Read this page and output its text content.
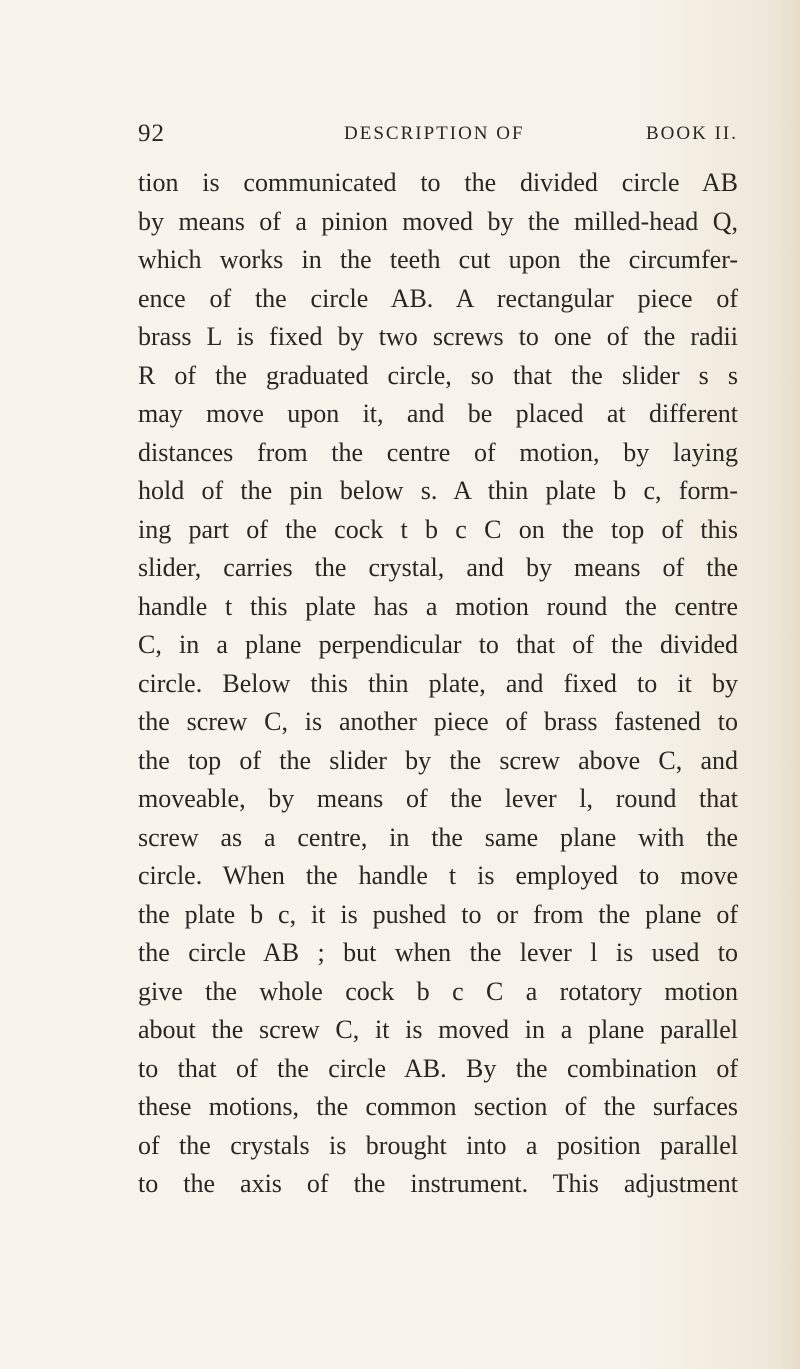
92	DESCRIPTION OF	BOOK II.
tion is communicated to the divided circle AB
by means of a pinion moved by the milled-head Q,
which works in the teeth cut upon the circumfer-
ence of the circle AB. A rectangular piece of
brass L is fixed by two screws to one of the radii
R of the graduated circle, so that the slider s s
may move upon it, and be placed at different
distances from the centre of motion, by laying
hold of the pin below s. A thin plate b c, form-
ing part of the cock t b c C on the top of this
slider, carries the crystal, and by means of the
handle t this plate has a motion round the centre
C, in a plane perpendicular to that of the divided
circle. Below this thin plate, and fixed to it by
the screw C, is another piece of brass fastened to
the top of the slider by the screw above C, and
moveable, by means of the lever l, round that
screw as a centre, in the same plane with the
circle. When the handle t is employed to move
the plate b c, it is pushed to or from the plane of
the circle AB ; but when the lever l is used to
give the whole cock b c C a rotatory motion
about the screw C, it is moved in a plane parallel
to that of the circle AB. By the combination of
these motions, the common section of the surfaces
of the crystals is brought into a position parallel
to the axis of the instrument. This adjustment
